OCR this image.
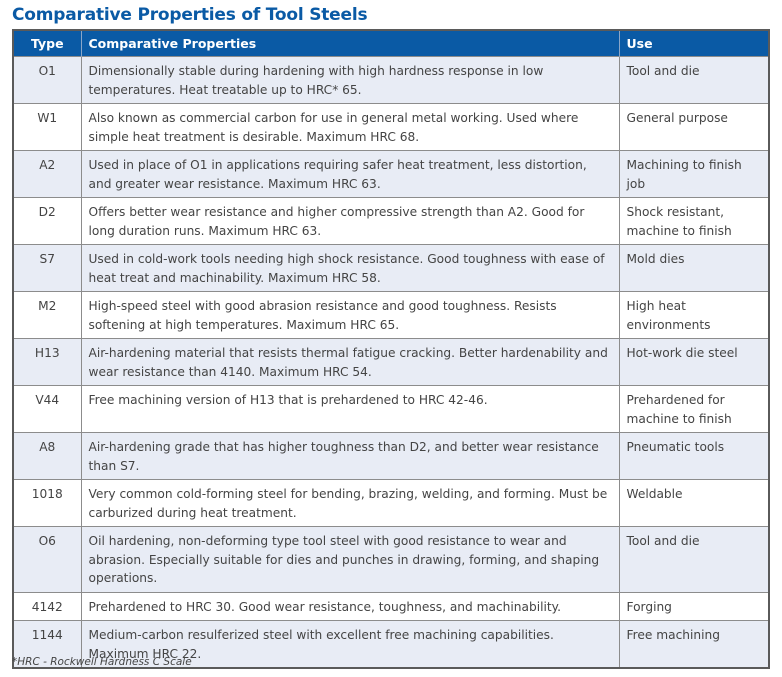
Comparative Properties of Tool Steels
Type	Comparative Properties	Use
O1	Dimensionally stable during hardening with high hardness response in low temperatures. Heat treatable up to HRC* 65.	Tool and die
W1	Also known as commercial carbon for use in general metal working. Used where simple heat treatment is desirable. Maximum HRC 68.	General purpose
A2	Used in place of O1 in applications requiring safer heat treatment, less distortion, and greater wear resistance. Maximum HRC 63.	Machining to finish job
D2	Offers better wear resistance and higher compressive strength than A2. Good for long duration runs. Maximum HRC 63.	Shock resistant, machine to finish
S7	Used in cold-work tools needing high shock resistance. Good toughness with ease of heat treat and machinability. Maximum HRC 58.	Mold dies
M2	High-speed steel with good abrasion resistance and good toughness. Resists softening at high temperatures. Maximum HRC 65.	High heat environments
H13	Air-hardening material that resists thermal fatigue cracking. Better hardenability and wear resistance than 4140. Maximum HRC 54.	Hot-work die steel
V44	Free machining version of H13 that is prehardened to HRC 42-46.	Prehardened for machine to finish
A8	Air-hardening grade that has higher toughness than D2, and better wear resistance than S7.	Pneumatic tools
1018	Very common cold-forming steel for bending, brazing, welding, and forming. Must be carburized during heat treatment.	Weldable
O6	Oil hardening, non-deforming type tool steel with good resistance to wear and abrasion. Especially suitable for dies and punches in drawing, forming, and shaping operations.	Tool and die
4142	Prehardened to HRC 30. Good wear resistance, toughness, and machinability.	Forging
1144	Medium-carbon resulferized steel with excellent free machining capabilities. Maximum HRC 22.	Free machining
*HRC - Rockwell Hardness C Scale
